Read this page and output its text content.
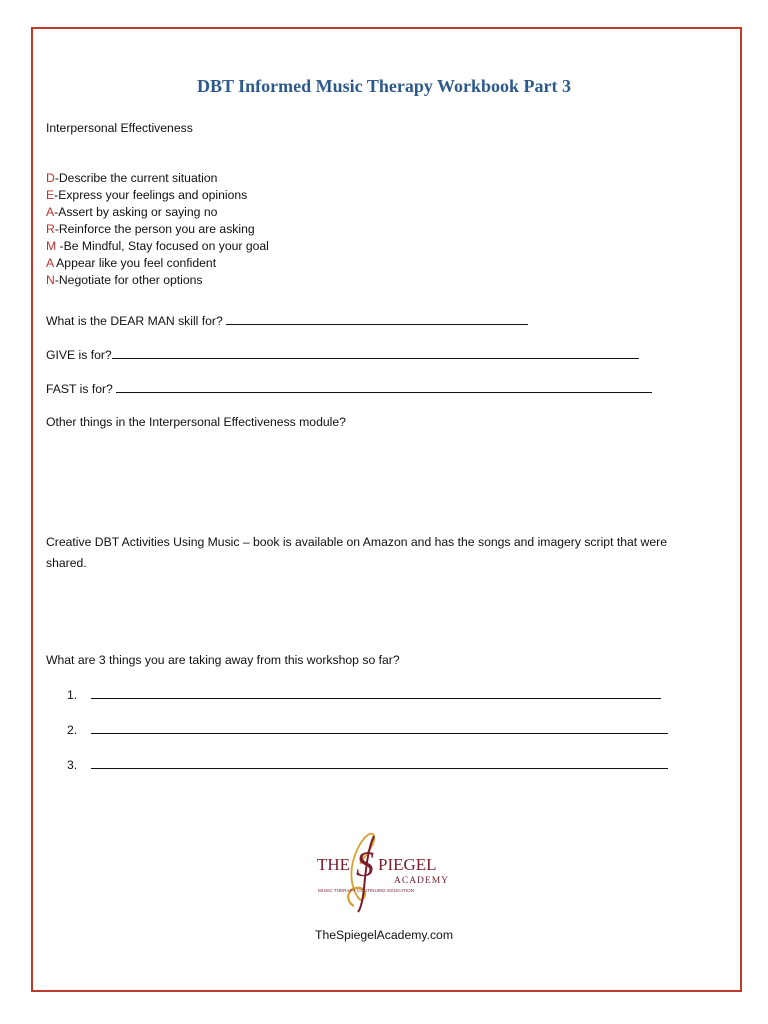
DBT Informed Music Therapy Workbook Part 3
Interpersonal Effectiveness
D-Describe the current situation
E-Express your feelings and opinions
A-Assert by asking or saying no
R-Reinforce the person you are asking
M -Be Mindful, Stay focused on your goal
A Appear like you feel confident
N-Negotiate for other options
What is the DEAR MAN skill for?
GIVE is for?
FAST is for?
Other things in the Interpersonal Effectiveness module?
Creative DBT Activities Using Music – book is available on Amazon and has the songs and imagery script that were
shared.
What are 3 things you are taking away from this workshop so far?
1.
2.
3.
THE S PIEGEL
ACADEMY
MUSIC THERAPY CONTINUING EDUCATION
TheSpiegelAcademy.com
